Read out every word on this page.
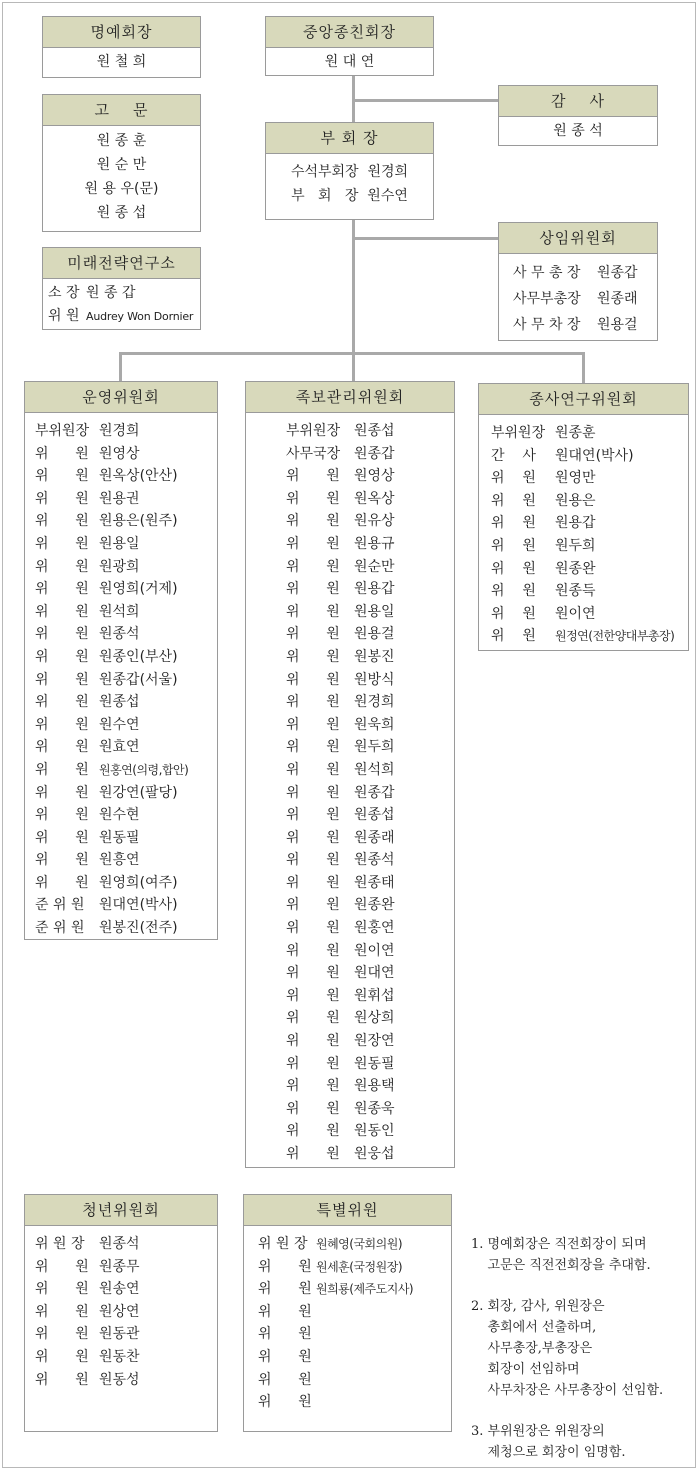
명예회장
원 철 희
고    문
원 종 훈
원 순 만
원 용 우(문)
원 종 섭
미래전략연구소
소 장 원 종 갑
위 원 Audrey Won Dornier
중앙종친회장
원 대 연
감    사
원 종 석
부 회 장
수석부회장  원경희
부   회   장  원수연
상임위원회
사 무 총 장 원종갑
사무부총장 원종래
사 무 차 장 원용걸
운영위원회
부위원장 원경희
위      원 원영상
위      원 원옥상(안산)
위      원 원용권
위      원 원용은(원주)
위      원 원용일
위      원 원광희
위      원 원영희(거제)
위      원 원석희
위      원 원종석
위      원 원종인(부산)
위      원 원종갑(서울)
위      원 원종섭
위      원 원수연
위      원 원효연
위      원 원홍연(의령,합안)
위      원 원강연(팔당)
위      원 원수현
위      원 원동필
위      원 원흥연
위      원 원영희(여주)
준 위 원 원대연(박사)
준 위 원 원봉진(전주)
족보관리위원회
부위원장 원종섭
사무국장 원종갑
위      원 원영상
위      원 원옥상
위      원 원유상
위      원 원용규
위      원 원순만
위      원 원용갑
위      원 원용일
위      원 원용걸
위      원 원봉진
위      원 원방식
위      원 원경희
위      원 원욱희
위      원 원두희
위      원 원석희
위      원 원종갑
위      원 원종섭
위      원 원종래
위      원 원종석
위      원 원종태
위      원 원종완
위      원 원홍연
위      원 원이연
위      원 원대연
위      원 원휘섭
위      원 원상희
위      원 원장연
위      원 원동필
위      원 원용택
위      원 원종욱
위      원 원동인
위      원 원웅섭
종사연구위원회
부위원장 원종훈
간    사 원대연(박사)
위    원 원영만
위    원 원용은
위    원 원용갑
위    원 원두희
위    원 원종완
위    원 원종득
위    원 원이연
위    원 원정연(전한양대부총장)
청년위원회
위 원 장 원종석
위      원 원종무
위      원 원송연
위      원 원상연
위      원 원동관
위      원 원동찬
위      원 원동성
특별위원
위 원 장 원혜영(국회의원)
위      원 원세훈(국정원장)
위      원 원희룡(제주도지사)
위      원
위      원
위      원
위      원
위      원
1. 명예회장은 직전회장이 되며
고문은 직전전회장을 추대함.
2. 회장, 감사, 위원장은
총회에서 선출하며,
사무총장,부총장은
회장이 선임하며
사무차장은 사무총장이 선임함.
3. 부위원장은 위원장의
제청으로 회장이 임명함.
